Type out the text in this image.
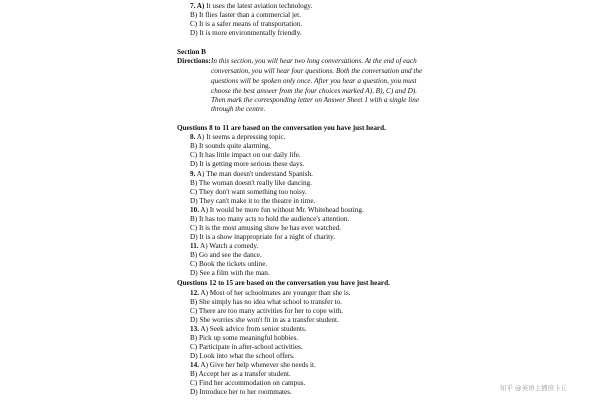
7. A) It uses the latest aviation technology.
B) It flies faster than a commercial jet.
C) It is a safer means of transportation.
D) It is more environmentally friendly.
Section B
Directions: In this section, you will hear two long conversations. At the end of each
conversation, you will hear four questions. Both the conversation and the
questions will be spoken only once. After you hear a question, you must
choose the best answer from the four choices marked A), B), C) and D).
Then mark the corresponding letter on Answer Sheet 1 with a single line
through the centre.
Questions 8 to 11 are based on the conversation you have just heard.
8. A) It seems a depressing topic.
B) It sounds quite alarming.
C) It has little impact on our daily life.
D) It is getting more serious these days.
9. A) The man doesn't understand Spanish.
B) The woman doesn't really like dancing.
C) They don't want something too noisy.
D) They can't make it to the theatre in time.
10. A) It would be more fun without Mr. Whitehead hosting.
B) It has too many acts to hold the audience's attention.
C) It is the most amusing show he has ever watched.
D) It is a show inappropriate for a night of charity.
11. A) Watch a comedy.
B) Go and see the dance.
C) Book the tickets online.
D) See a film with the man.
Questions 12 to 15 are based on the conversation you have just heard.
12. A) Most of her schoolmates are younger than she is.
B) She simply has no idea what school to transfer to.
C) There are too many activities for her to cope with.
D) She worries she won't fit in as a transfer student.
13. A) Seek advice from senior students.
B) Pick up some meaningful hobbies.
C) Participate in after-school activities.
D) Look into what the school offers.
14. A) Give her help whenever she needs it.
B) Accept her as a transfer student.
C) Find her accommodation on campus.
D) Introduce her to her roommates.	知乎 @英语主播庶卡丘
